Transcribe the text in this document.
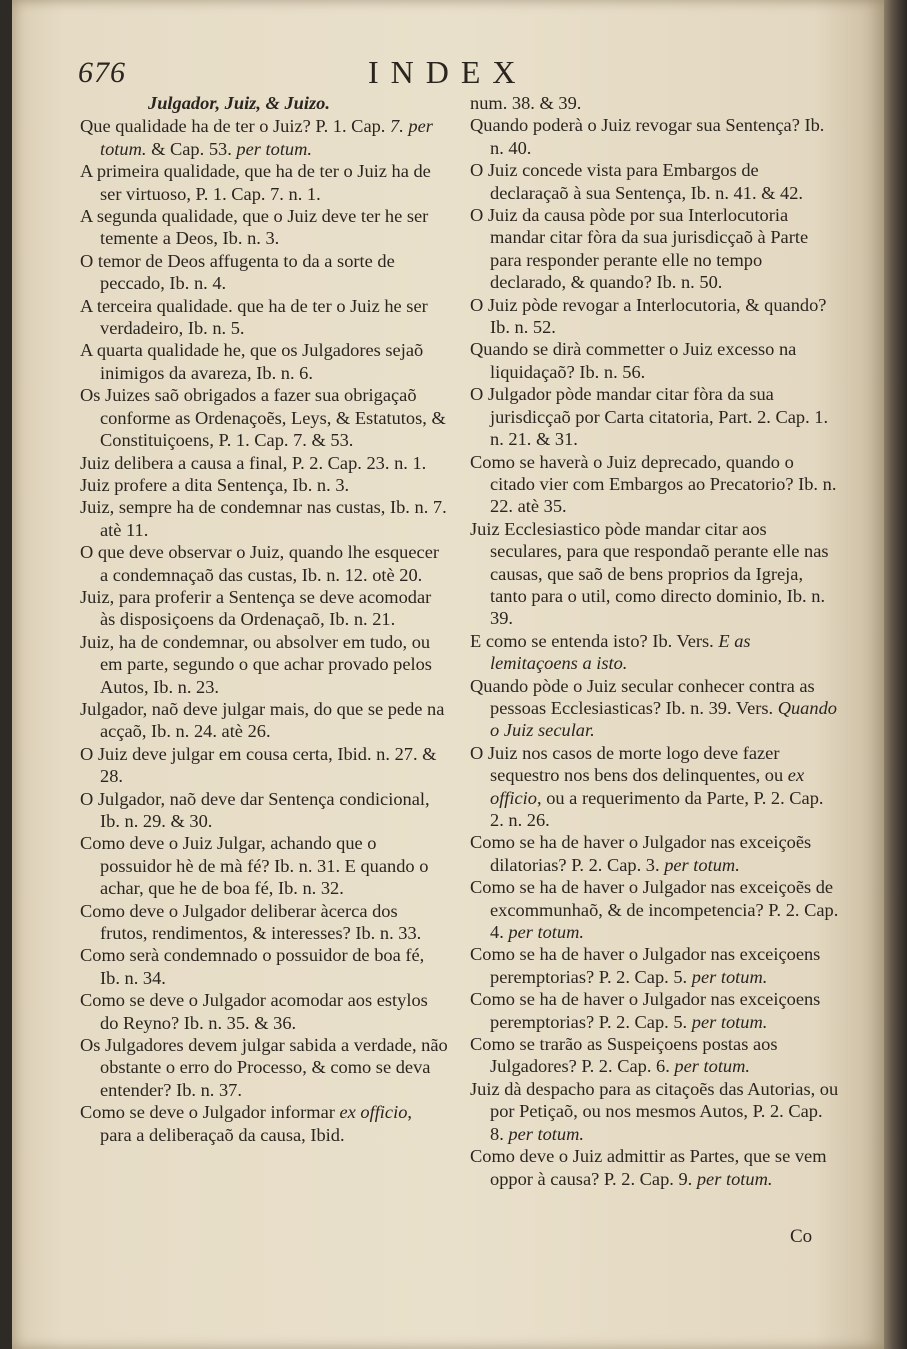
676	INDEX
Julgador, Juiz, & Juizo.
Que qualidade ha de ter o Juiz? P. 1. Cap. 7. per totum. & Cap. 53. per totum.
A primeira qualidade, que ha de ter o Juiz ha de ser virtuoso, P. 1. Cap. 7. n. 1.
A segunda qualidade, que o Juiz deve ter he ser temente a Deos, Ib. n. 3.
O temor de Deos affugenta to da a sorte de peccado, Ib. n. 4.
A terceira qualidade. que ha de ter o Juiz he ser verdadeiro, Ib. n. 5.
A quarta qualidade he, que os Julgadores sejaõ inimigos da avareza, Ib. n. 6.
Os Juizes saõ obrigados a fazer sua obrigaçaõ conforme as Ordenaçoẽs, Leys, & Estatutos, & Constituiçoens, P. 1. Cap. 7. & 53.
Juiz delibera a causa a final, P. 2. Cap. 23. n. 1.
Juiz profere a dita Sentença, Ib. n. 3.
Juiz, sempre ha de condemnar nas custas, Ib. n. 7. atè 11.
O que deve observar o Juiz, quando lhe esquecer a condemnaçaõ das custas, Ib. n. 12. otè 20.
Juiz, para proferir a Sentença se deve acomodar às disposiçoens da Ordenaçaõ, Ib. n. 21.
Juiz, ha de condemnar, ou absolver em tudo, ou em parte, segundo o que achar provado pelos Autos, Ib. n. 23.
Julgador, naõ deve julgar mais, do que se pede na acçaõ, Ib. n. 24. atè 26.
O Juiz deve julgar em cousa certa, Ibid. n. 27. & 28.
O Julgador, naõ deve dar Sentença condicional, Ib. n. 29. & 30.
Como deve o Juiz Julgar, achando que o possuidor hè de mà fé? Ib. n. 31. E quando o achar, que he de boa fé, Ib. n. 32.
Como deve o Julgador deliberar àcerca dos frutos, rendimentos, & interesses? Ib. n. 33.
Como serà condemnado o possuidor de boa fé, Ib. n. 34.
Como se deve o Julgador acomodar aos estylos do Reyno? Ib. n. 35. & 36.
Os Julgadores devem julgar sabida a verdade, não obstante o erro do Processo, & como se deva entender? Ib. n. 37.
Como se deve o Julgador informar ex officio, para a deliberaçaõ da causa, Ibid.
num. 38. & 39.
Quando poderà o Juiz revogar sua Sentença? Ib. n. 40.
O Juiz concede vista para Embargos de declaraçaõ à sua Sentença, Ib. n. 41. & 42.
O Juiz da causa pòde por sua Interlocutoria mandar citar fòra da sua jurisdicçaõ à Parte para responder perante elle no tempo declarado, & quando? Ib. n. 50.
O Juiz pòde revogar a Interlocutoria, & quando? Ib. n. 52.
Quando se dirà commetter o Juiz excesso na liquidaçaõ? Ib. n. 56.
O Julgador pòde mandar citar fòra da sua jurisdicçaõ por Carta citatoria, Part. 2. Cap. 1. n. 21. & 31.
Como se haverà o Juiz deprecado, quando o citado vier com Embargos ao Precatorio? Ib. n. 22. atè 35.
Juiz Ecclesiastico pòde mandar citar aos seculares, para que respondaõ perante elle nas causas, que saõ de bens proprios da Igreja, tanto para o util, como directo dominio, Ib. n. 39.
E como se entenda isto? Ib. Vers. E as lemitaçoens a isto.
Quando pòde o Juiz secular conhecer contra as pessoas Ecclesiasticas? Ib. n. 39. Vers. Quando o Juiz secular.
O Juiz nos casos de morte logo deve fazer sequestro nos bens dos delinquentes, ou ex officio, ou a requerimento da Parte, P. 2. Cap. 2. n. 26.
Como se ha de haver o Julgador nas exceiçoẽs dilatorias? P. 2. Cap. 3. per totum.
Como se ha de haver o Julgador nas exceiçoẽs de excommunhaõ, & de incompetencia? P. 2. Cap. 4. per totum.
Como se ha de haver o Julgador nas exceiçoens peremptorias? P. 2. Cap. 5. per totum.
Como se ha de haver o Julgador nas exceiçoens peremptorias? P. 2. Cap. 5. per totum.
Como se trarão as Suspeiçoens postas aos Julgadores? P. 2. Cap. 6. per totum.
Juiz dà despacho para as citaçoẽs das Autorias, ou por Petiçaõ, ou nos mesmos Autos, P. 2. Cap. 8. per totum.
Como deve o Juiz admittir as Partes, que se vem oppor à causa? P. 2. Cap. 9. per totum.
Co
